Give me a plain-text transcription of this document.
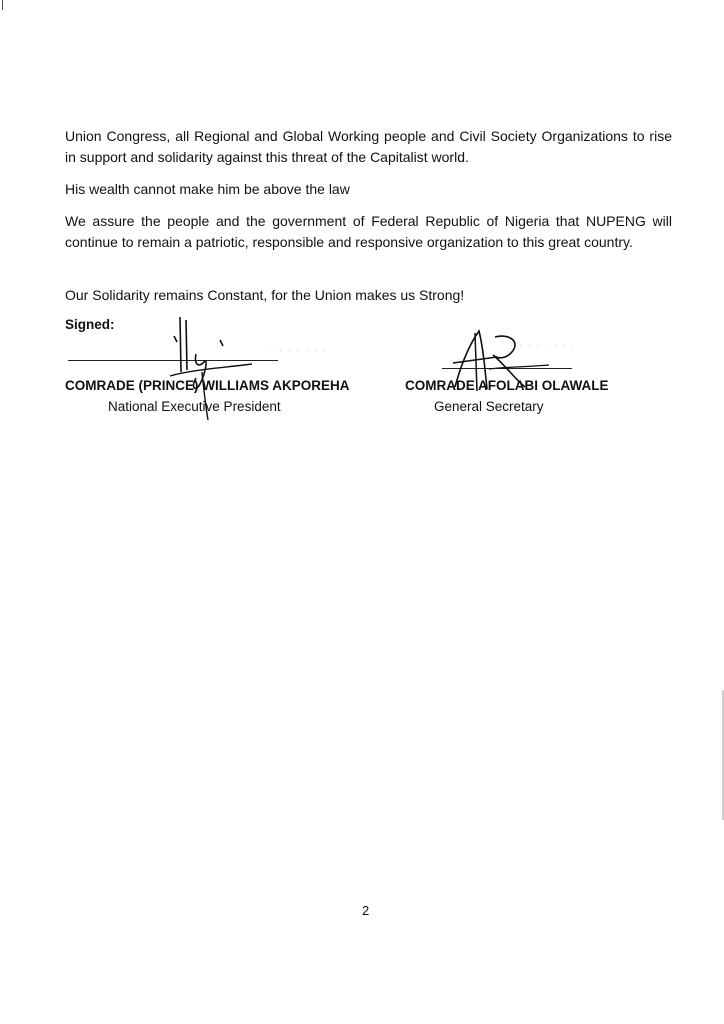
Union Congress, all Regional and Global Working people and Civil Society Organizations to rise in support and solidarity against this threat of the Capitalist world.

His wealth cannot make him be above the law

We assure the people and the government of Federal Republic of Nigeria that NUPENG will continue to remain a patriotic, responsible and responsive organization to this great country.

Our Solidarity remains Constant, for the Union makes us Strong!

Signed:
· · · · · · ·	· · · · · · · ·
COMRADE (PRINCE) WILLIAMS AKPOREHA
National Executive President
COMRADE AFOLABI OLAWALE
General Secretary
2
